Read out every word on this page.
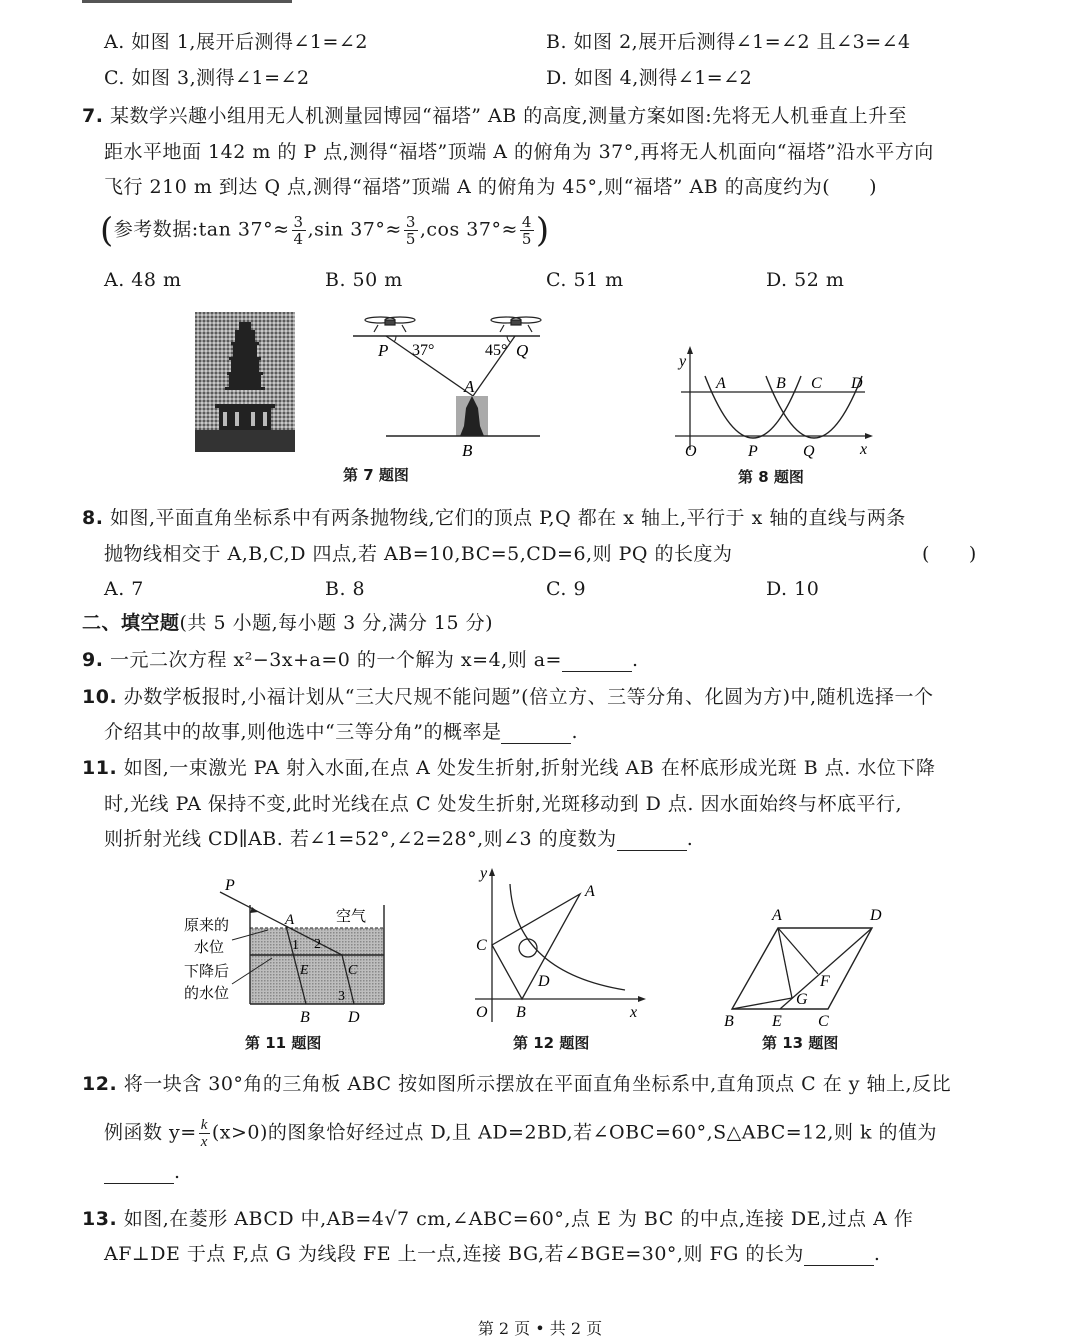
A. 如图 1,展开后测得∠1=∠2	B. 如图 2,展开后测得∠1=∠2 且∠3=∠4
C. 如图 3,测得∠1=∠2	D. 如图 4,测得∠1=∠2
7. 某数学兴趣小组用无人机测量园博园“福塔” AB 的高度,测量方案如图:先将无人机垂直上升至
距水平地面 142 m 的 P 点,测得“福塔”顶端 A 的俯角为 37°,再将无人机面向“福塔”沿水平方向
飞行 210 m 到达 Q 点,测得“福塔”顶端 A 的俯角为 45°,则“福塔” AB 的高度约为(　　)
(参考数据:tan $37^\circ\approx \frac{3}{4} ,\sin$ $37^\circ\approx \frac{3}{5} ,\cos$ $37^\circ\approx \frac{4}{5}$ )
A. 48 m	B. 50 m	C. 51 m	D. 52 m
P 37°	45° Q
A
B
第 7 题图
y
x
O
A	B C D
P	Q
第 8 题图
8. 如图,平面直角坐标系中有两条抛物线,它们的顶点 P,Q 都在 x 轴上,平行于 x 轴的直线与两条
抛物线相交于 A,B,C,D 四点,若 AB=10,BC=5,CD=6,则 PQ 的长度为	(　　)
A. 7	B. 8	C. 9	D. 10
二、填空题(共 5 小题,每小题 3 分,满分 15 分)
9. 一元二次方程 x²−3x+a=0 的一个解为 x=4,则 a=	.
10. 办数学板报时,小福计划从“三大尺规不能问题”(倍立方、三等分角、化圆为方)中,随机选择一个
介绍其中的故事,则他选中“三等分角”的概率是	.
11. 如图,一束激光 PA 射入水面,在点 A 处发生折射,折射光线 AB 在杯底形成光斑 B 点. 水位下降
时,光线 PA 保持不变,此时光线在点 C 处发生折射,光斑移动到 D 点. 因水面始终与杯底平行,
则折射光线 CD∥AB. 若∠1=52°,∠2=28°,则∠3 的度数为	.
P
A	空气
原来的
水位
下降后
的水位
1 2
E	C
3
B D
第 11 题图
y
x
O
C
A
B
D
第 12 题图
A	D
F
G
B E C
第 13 题图
12. 将一块含 30°角的三角板 ABC 按如图所示摆放在平面直角坐标系中,直角顶点 C 在 y 轴上,反比
例函数 $y= \frac{k}{x} (x>0)$的图象恰好经过点 D,且 AD=2BD,若∠OBC=60°,S△ABC=12,则 k 的值为
.
13. 如图,在菱形 ABCD 中,AB=4√7 cm,∠ABC=60°,点 E 为 BC 的中点,连接 DE,过点 A 作
AF⊥DE 于点 F,点 G 为线段 FE 上一点,连接 BG,若∠BGE=30°,则 FG 的长为	.
第 2 页 • 共 2 页
